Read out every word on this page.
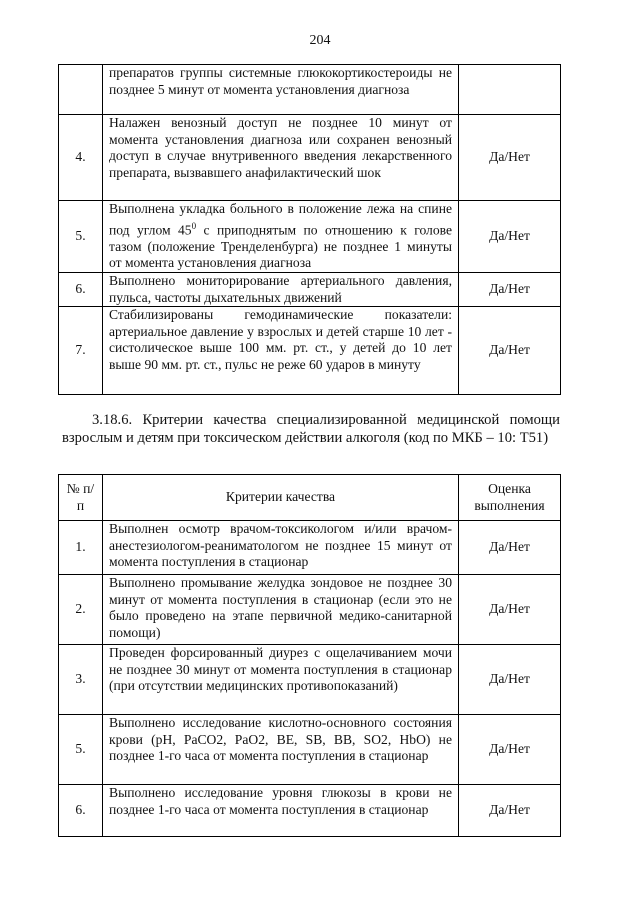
204
	препаратов группы системные глюкокортикостероиды не позднее 5 минут от момента установления диагноза	
4.	Налажен венозный доступ не позднее 10 минут от момента установления диагноза или сохранен венозный доступ в случае внутривенного введения лекарственного препарата, вызвавшего анафилактический шок	Да/Нет
5.	Выполнена укладка больного в положение лежа на спине под углом $45^0$ с приподнятым по отношению к голове тазом (положение Тренделенбурга) не позднее 1 минуты от момента установления диагноза	Да/Нет
6.	Выполнено мониторирование артериального давления, пульса, частоты дыхательных движений	Да/Нет
7.	Стабилизированы гемодинамические показатели: артериальное давление у взрослых и детей старше 10 лет - систолическое выше 100 мм. рт. ст., у детей до 10 лет выше 90 мм. рт. ст., пульс не реже 60 ударов в минуту	Да/Нет
3.18.6. Критерии качества специализированной медицинской помощи взрослым и детям при токсическом действии алкоголя (код по МКБ – 10: T51)
№ п/п	Критерии качества	Оценка выполнения
1.	Выполнен осмотр врачом-токсикологом и/или врачом-анестезиологом-реаниматологом не позднее 15 минут от момента поступления в стационар	Да/Нет
2.	Выполнено промывание желудка зондовое не позднее 30 минут от момента поступления в стационар (если это не было проведено на этапе первичной медико-санитарной помощи)	Да/Нет
3.	Проведен форсированный диурез с ощелачиванием мочи не позднее 30 минут от момента поступления в стационар (при отсутствии медицинских противопоказаний)	Да/Нет
5.	Выполнено исследование кислотно-основного состояния крови (рН, РаСО2, РаО2, ВЕ, SB, ВВ, SO2, НbО) не позднее 1-го часа от момента поступления в стационар	Да/Нет
6.	Выполнено исследование уровня глюкозы в крови не позднее 1-го часа от момента поступления в стационар	Да/Нет
